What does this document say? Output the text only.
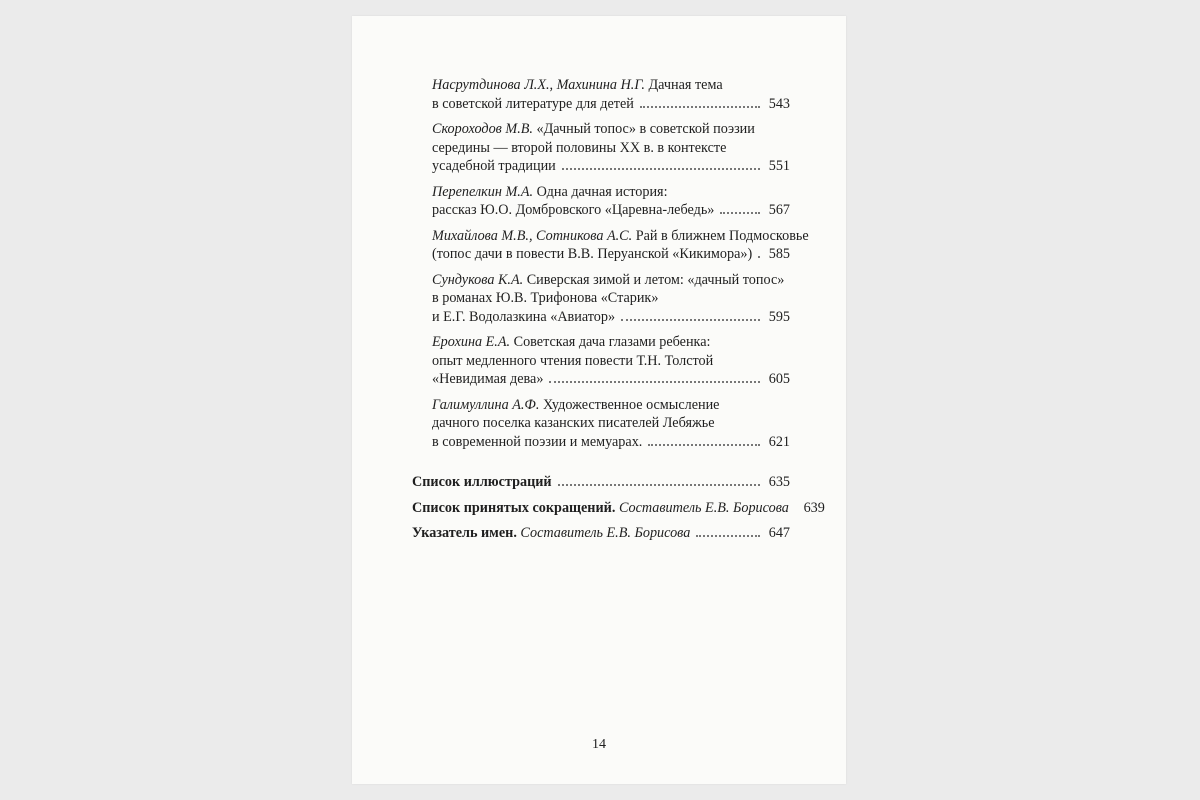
Насрутдинова Л.Х., Махинина Н.Г. Дачная тема
в советской литературе для детей	543
Скороходов М.В. «Дачный топос» в советской поэзии
середины — второй половины XX в. в контексте
усадебной традиции	551
Перепелкин М.А. Одна дачная история:
рассказ Ю.О. Домбровского «Царевна-лебедь»	567
Михайлова М.В., Сотникова А.С. Рай в ближнем Подмосковье
(топос дачи в повести В.В. Перуанской «Кикимора») 585
Сундукова К.А. Сиверская зимой и летом: «дачный топос»
в романах Ю.В. Трифонова «Старик»
и Е.Г. Водолазкина «Авиатор»	595
Ерохина Е.А. Советская дача глазами ребенка:
опыт медленного чтения повести Т.Н. Толстой
«Невидимая дева»	605
Галимуллина А.Ф. Художественное осмысление
дачного поселка казанских писателей Лебяжье
в современной поэзии и мемуарах.	621
Список иллюстраций	635
Список принятых сокращений. Составитель Е.В. Борисова 639
Указатель имен. Составитель Е.В. Борисова	647
14
